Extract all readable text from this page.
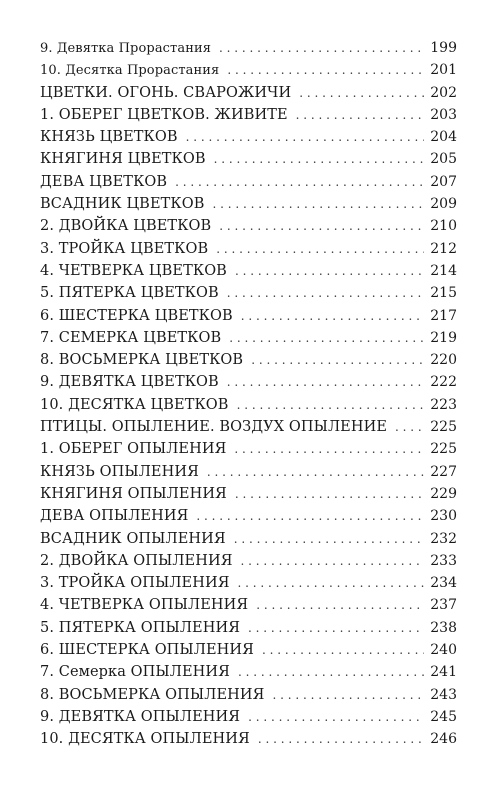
9. Девятка Прорастания . . .	199
10. Десятка Прорастания . . .	201
ЦВЕТКИ. ОГОНЬ. СВАРОЖИЧИ . . .	202
1. ОБЕРЕГ ЦВЕТКОВ. ЖИВИТЕ . . .	203
КНЯЗЬ ЦВЕТКОВ . . .	204
КНЯГИНЯ ЦВЕТКОВ . . .	205
ДЕВА ЦВЕТКОВ . . .	207
ВСАДНИК ЦВЕТКОВ . . .	209
2. ДВОЙКА ЦВЕТКОВ . . .	210
3. ТРОЙКА ЦВЕТКОВ . . .	212
4. ЧЕТВЕРКА ЦВЕТКОВ . . .	214
5. ПЯТЕРКА ЦВЕТКОВ . . .	215
6. ШЕСТЕРКА ЦВЕТКОВ . . .	217
7. СЕМЕРКА ЦВЕТКОВ . . .	219
8. ВОСЬМЕРКА ЦВЕТКОВ . . .	220
9. ДЕВЯТКА ЦВЕТКОВ . . .	222
10. ДЕСЯТКА ЦВЕТКОВ . . .	223
ПТИЦЫ. ОПЫЛЕНИЕ. ВОЗДУХ ОПЫЛЕНИЕ . . .	225
1. ОБЕРЕГ ОПЫЛЕНИЯ . . .	225
КНЯЗЬ ОПЫЛЕНИЯ . . .	227
КНЯГИНЯ ОПЫЛЕНИЯ . . .	229
ДЕВА ОПЫЛЕНИЯ . . .	230
ВСАДНИК ОПЫЛЕНИЯ . . .	232
2. ДВОЙКА ОПЫЛЕНИЯ . . .	233
3. ТРОЙКА ОПЫЛЕНИЯ . . .	234
4. ЧЕТВЕРКА ОПЫЛЕНИЯ . . .	237
5. ПЯТЕРКА ОПЫЛЕНИЯ . . .	238
6. ШЕСТЕРКА ОПЫЛЕНИЯ . . .	240
7. Семерка ОПЫЛЕНИЯ . . .	241
8. ВОСЬМЕРКА ОПЫЛЕНИЯ . . .	243
9. ДЕВЯТКА ОПЫЛЕНИЯ . . .	245
10. ДЕСЯТКА ОПЫЛЕНИЯ . . .	246
